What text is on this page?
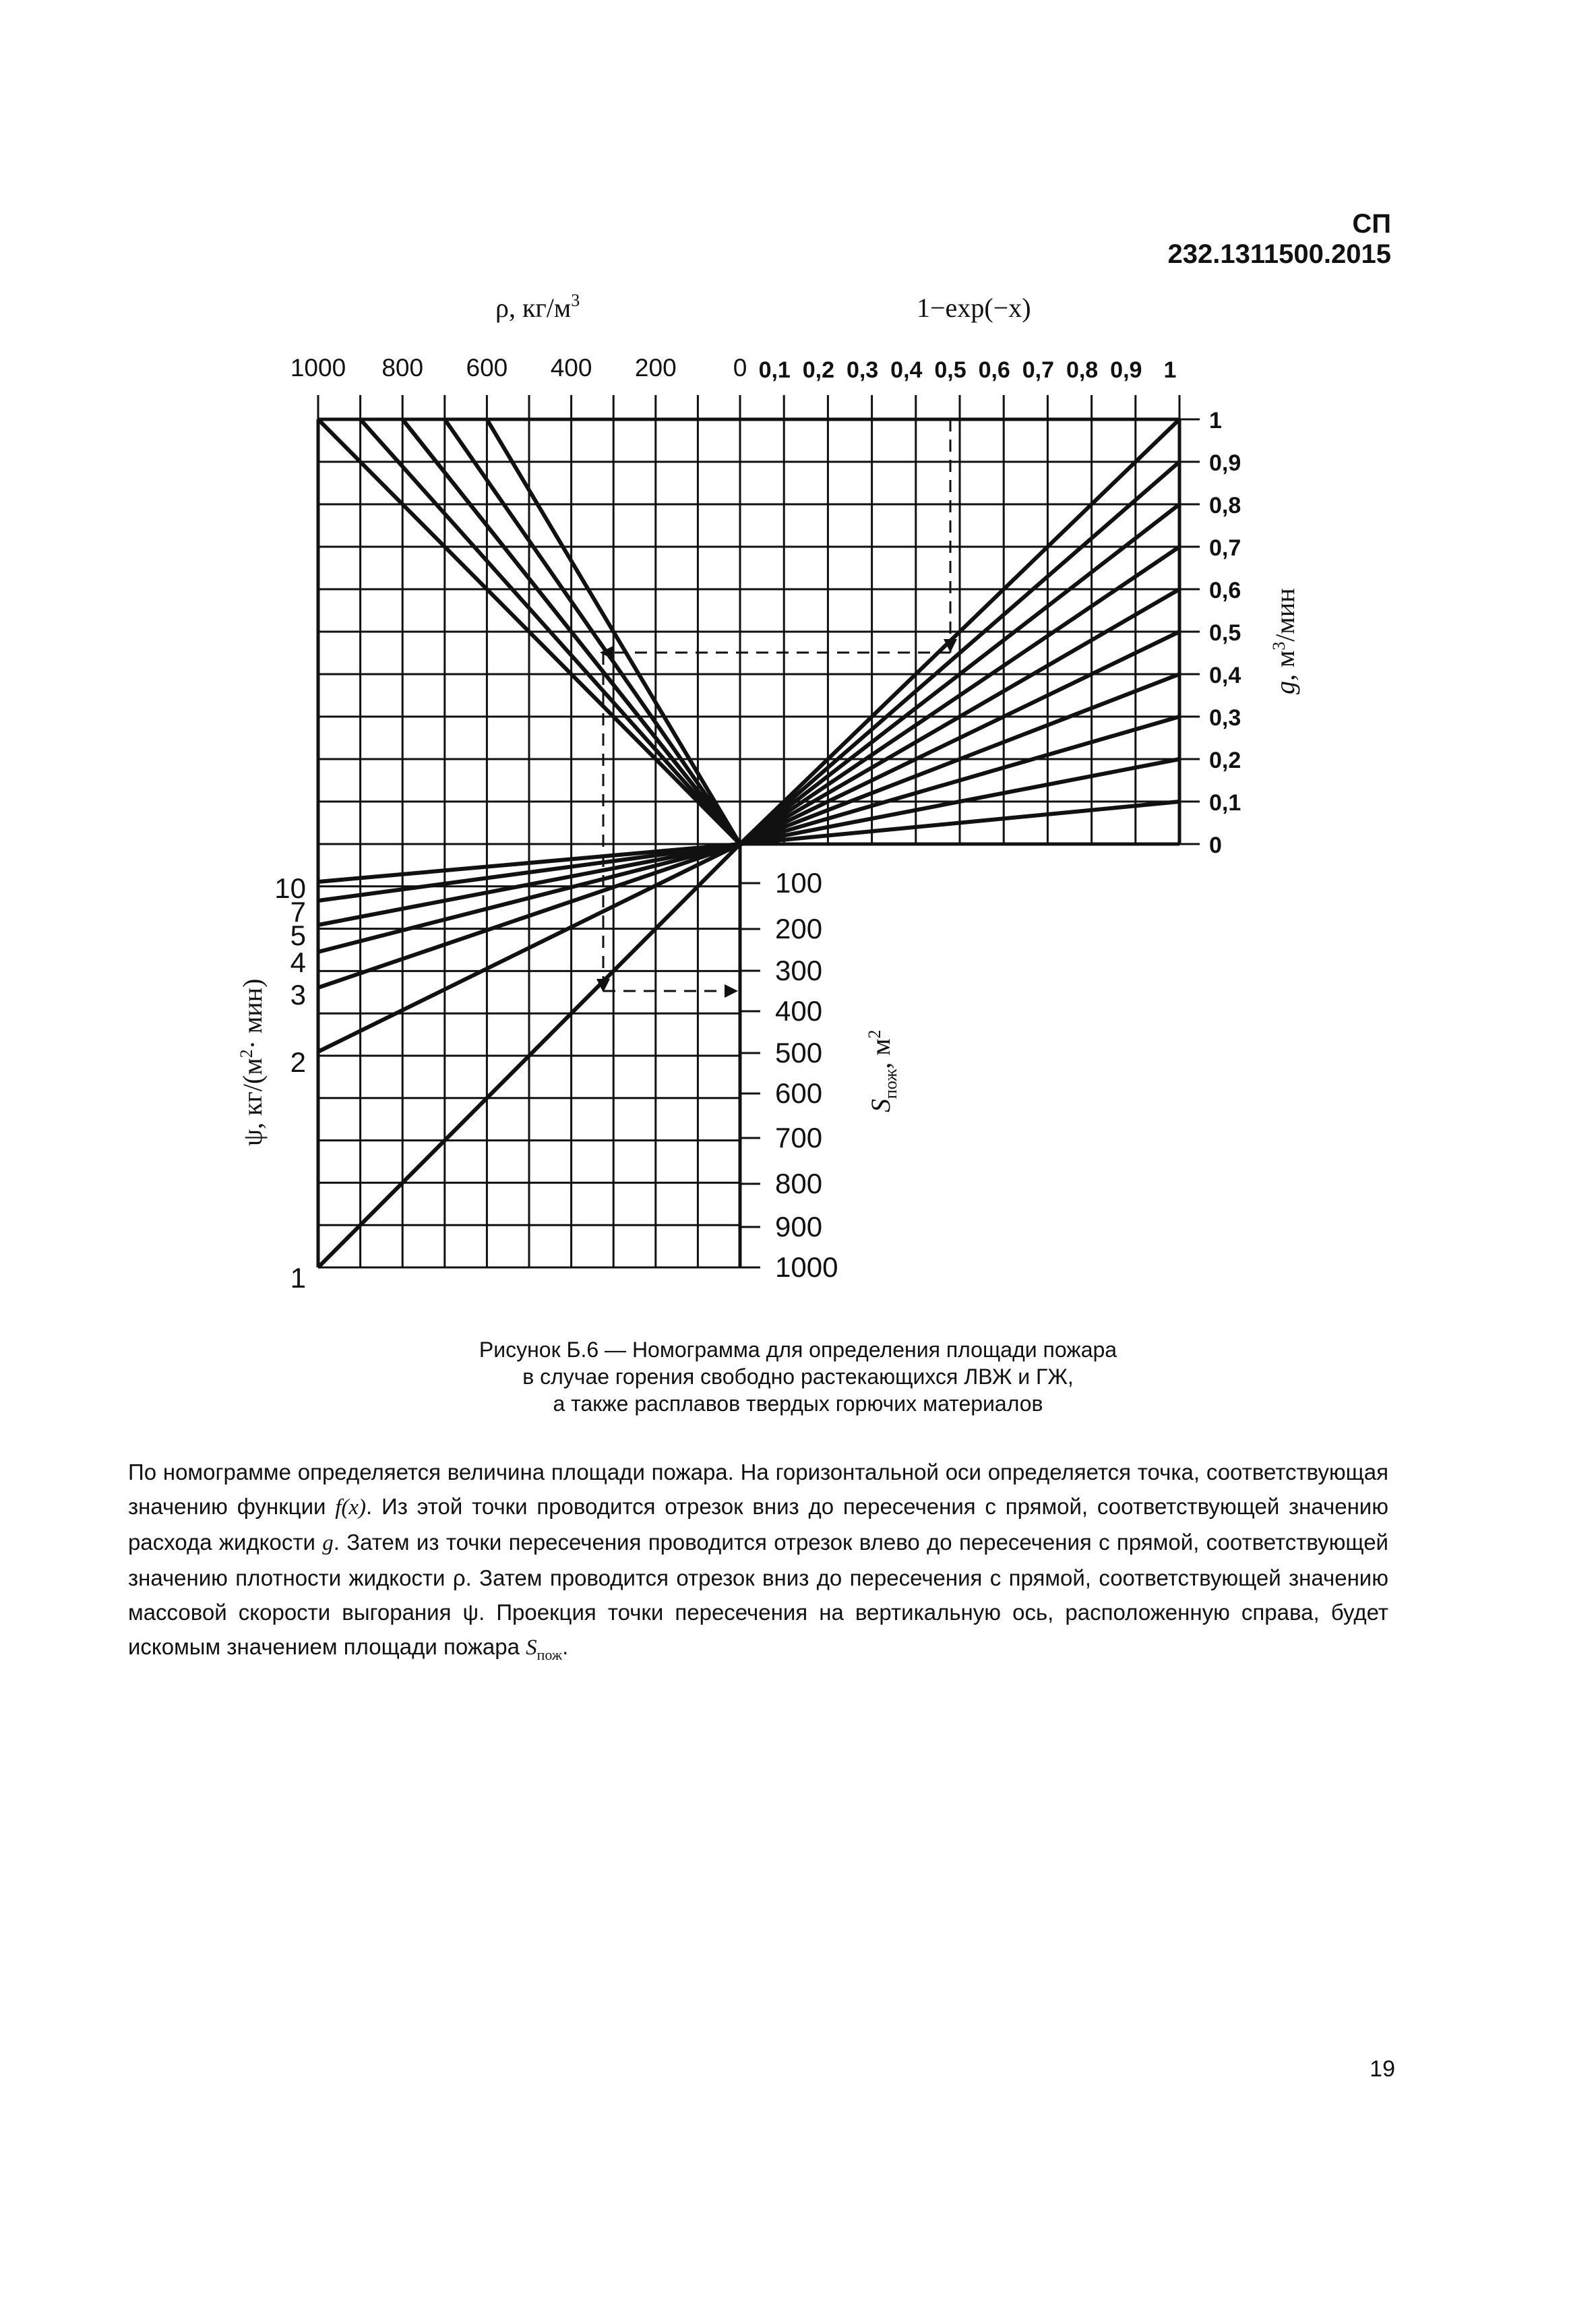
СП 232.1311500.2015
ρ, $кг/м^3$	1−exp(−x)
g, $м^3$/мин
ψ, $кг/(м^2\cdot мин)$
$S_{пож}$, $м^2$
1
0,9
0,8
0,7
0,6
0,5
0,4
0,3
0,2
0,1
0
10
7
5
4
3
2
1
100
200
300
400
500
600
700
800
900
1000
1000 800 600 400 200 0 0,1 0,2 0,3 0,4 0,5 0,6 0,7 0,8 0,9 1
Рисунок Б.6 — Номограмма для определения площади пожара
в случае горения свободно растекающихся ЛВЖ и ГЖ,
а также расплавов твердых горючих материалов
По номограмме определяется величина площади пожара. На горизонтальной оси определяется точка, соответствующая значению функции f(x). Из этой точки проводится отрезок вниз до пересечения с прямой, соответствующей значению расхода жидкости g. Затем из точки пересечения проводится отрезок влево до пересечения с прямой, соответствующей значению плотности жидкости ρ. Затем проводится отрезок вниз до пересечения с прямой, соответствующей значению массовой скорости выгорания ψ. Проекция точки пересечения на вертикальную ось, расположенную справа, будет искомым значением площади пожара $S_{пож}$.
19
